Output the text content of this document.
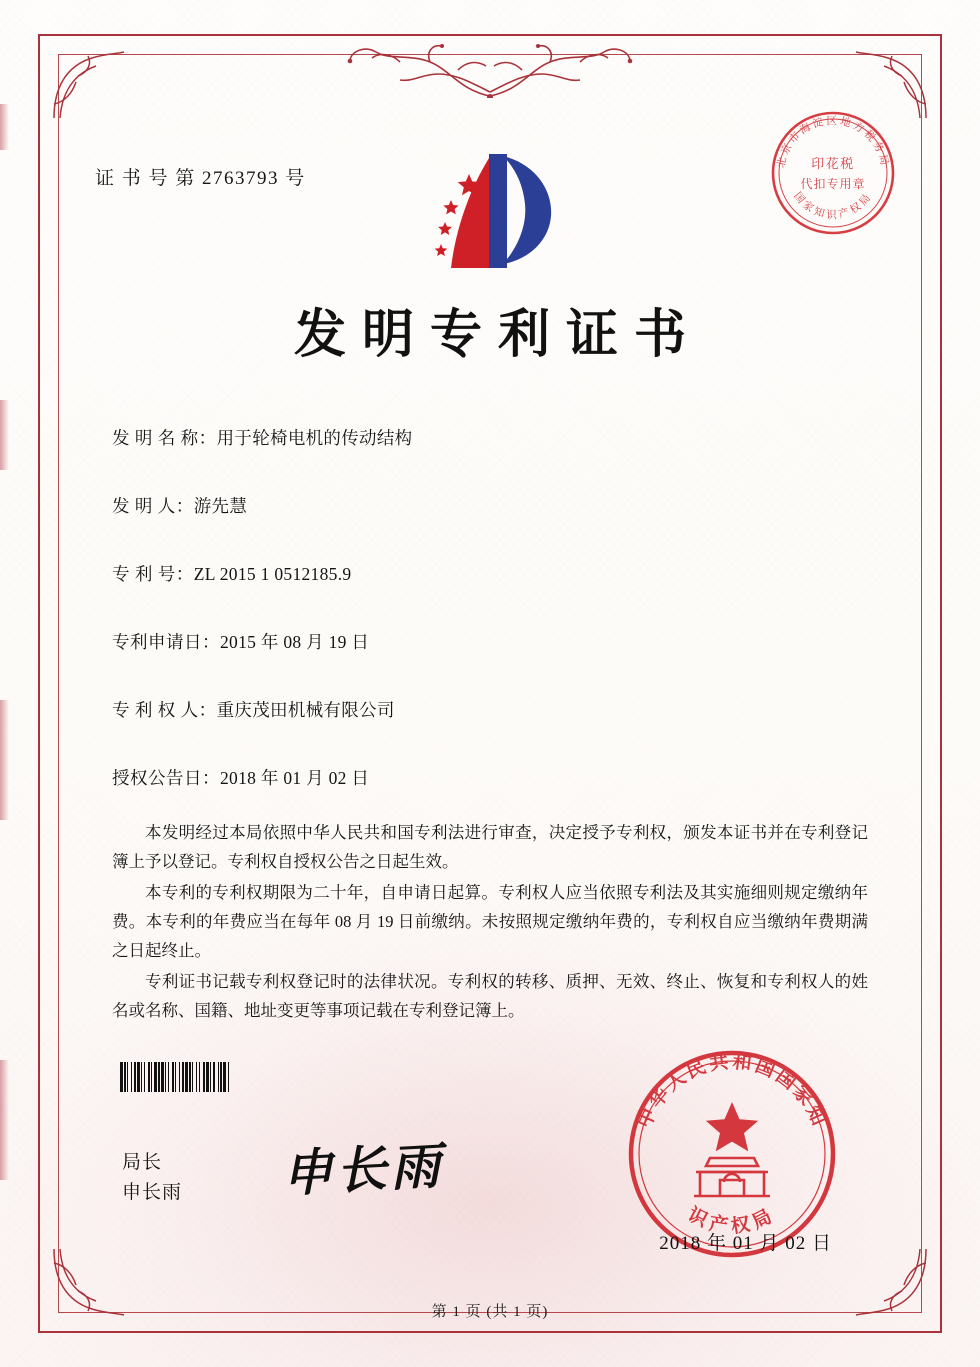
证 书 号 第 2763793 号
北京市海淀区地方税务局
国家知识产权局
印花税
代扣专用章
发明专利证书
发 明 名 称： 用于轮椅电机的传动结构
发 明 人： 游先慧
专 利 号： ZL 2015 1 0512185.9
专利申请日： 2015 年 08 月 19 日
专 利 权 人： 重庆茂田机械有限公司
授权公告日： 2018 年 01 月 02 日

本发明经过本局依照中华人民共和国专利法进行审查，决定授予专利权，颁发本证书并在专利登记簿上予以登记。专利权自授权公告之日起生效。

本专利的专利权期限为二十年，自申请日起算。专利权人应当依照专利法及其实施细则规定缴纳年费。本专利的年费应当在每年 08 月 19 日前缴纳。未按照规定缴纳年费的，专利权自应当缴纳年费期满之日起终止。

专利证书记载专利权登记时的法律状况。专利权的转移、质押、无效、终止、恢复和专利权人的姓名或名称、国籍、地址变更等事项记载在专利登记簿上。

局长
申长雨 申长雨
中华人民共和国国家知
识产权局
2018 年 01 月 02 日
第 1 页 (共 1 页)
